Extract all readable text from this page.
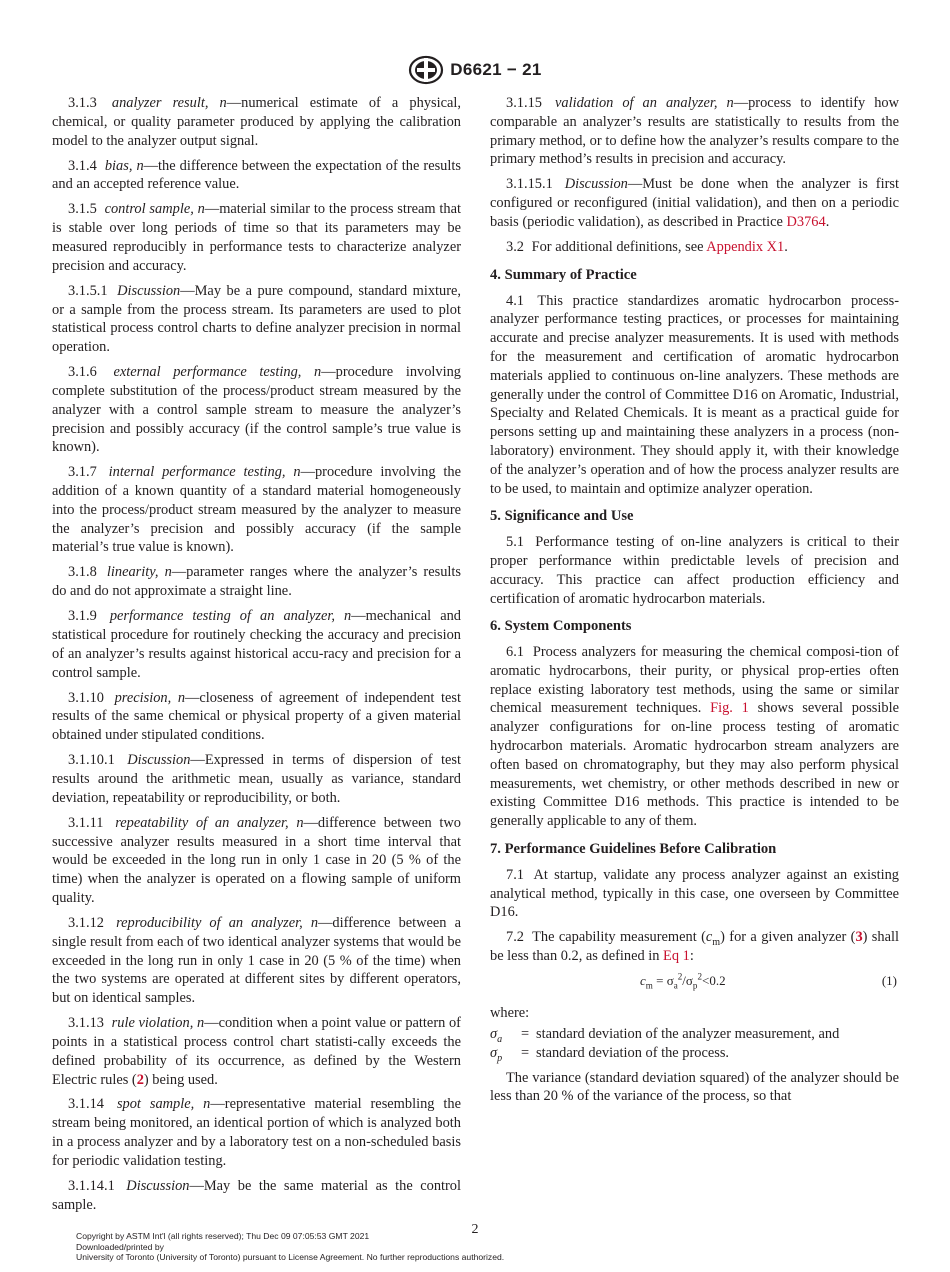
D6621 − 21

3.1.3 analyzer result, n—numerical estimate of a physical, chemical, or quality parameter produced by applying the calibration model to the analyzer output signal.

3.1.4 bias, n—the difference between the expectation of the results and an accepted reference value.

3.1.5 control sample, n—material similar to the process stream that is stable over long periods of time so that its parameters may be measured reproducibly in performance tests to characterize analyzer precision and accuracy.

3.1.5.1 Discussion—May be a pure compound, standard mixture, or a sample from the process stream. Its parameters are used to plot statistical process control charts to define analyzer precision in normal operation.

3.1.6 external performance testing, n—procedure involving complete substitution of the process/product stream measured by the analyzer with a control sample stream to measure the analyzer’s precision and possibly accuracy (if the control sample’s true value is known).

3.1.7 internal performance testing, n—procedure involving the addition of a known quantity of a standard material homogeneously into the process/product stream measured by the analyzer to measure the analyzer’s precision and possibly accuracy (if the sample material’s true value is known).

3.1.8 linearity, n—parameter ranges where the analyzer’s results do and do not approximate a straight line.

3.1.9 performance testing of an analyzer, n—mechanical and statistical procedure for routinely checking the accuracy and precision of an analyzer’s results against historical accu-racy and precision for a control sample.

3.1.10 precision, n—closeness of agreement of independent test results of the same chemical or physical property of a given material obtained under stipulated conditions.

3.1.10.1 Discussion—Expressed in terms of dispersion of test results around the arithmetic mean, usually as variance, standard deviation, repeatability or reproducibility, or both.

3.1.11 repeatability of an analyzer, n—difference between two successive analyzer results measured in a short time interval that would be exceeded in the long run in only 1 case in 20 (5 % of the time) when the analyzer is operated on a flowing sample of uniform quality.

3.1.12 reproducibility of an analyzer, n—difference between a single result from each of two identical analyzer systems that would be exceeded in the long run in only 1 case in 20 (5 % of the time) when the two systems are operated at different sites by different operators, but on identical samples.

3.1.13 rule violation, n—condition when a point value or pattern of points in a statistical process control chart statisti-cally exceeds the defined probability of its occurrence, as defined by the Western Electric rules (2) being used.

3.1.14 spot sample, n—representative material resembling the stream being monitored, an identical portion of which is analyzed both in a process analyzer and by a laboratory test on a non-scheduled basis for periodic validation testing.

3.1.14.1 Discussion—May be the same material as the control sample.

3.1.15 validation of an analyzer, n—process to identify how comparable an analyzer’s results are statistically to results from the primary method, or to define how the analyzer’s results compare to the primary method’s results in precision and accuracy.

3.1.15.1 Discussion—Must be done when the analyzer is first configured or reconfigured (initial validation), and then on a periodic basis (periodic validation), as described in Practice D3764.

3.2 For additional definitions, see Appendix X1.

4. Summary of Practice

4.1 This practice standardizes aromatic hydrocarbon process-analyzer performance testing practices, or processes for maintaining accurate and precise analyzer measurements. It is used with methods for the measurement and certification of aromatic hydrocarbon materials applied to continuous on-line analyzers. These methods are generally under the control of Committee D16 on Aromatic, Industrial, Specialty and Related Chemicals. It is meant as a practical guide for persons setting up and maintaining these analyzers in a process (non-laboratory) environment. They should apply it, with their knowledge of the analyzer’s operation and of how the process analyzer results are to be used, to maintain and optimize analyzer operation.

5. Significance and Use

5.1 Performance testing of on-line analyzers is critical to their proper performance within predictable levels of precision and accuracy. This practice can affect production efficiency and certification of aromatic hydrocarbon materials.

6. System Components

6.1 Process analyzers for measuring the chemical composi-tion of aromatic hydrocarbons, their purity, or physical prop-erties often replace existing laboratory test methods, using the same or similar chemical measurement techniques. Fig. 1 shows several possible analyzer configurations for on-line process testing of aromatic hydrocarbon materials. Aromatic hydrocarbon stream analyzers are often based on chromatography, but they may also perform physical measurements, wet chemistry, or other methods described in new or existing Committee D16 methods. This practice is intended to be generally applicable to any of them.

7. Performance Guidelines Before Calibration

7.1 At startup, validate any process analyzer against an existing analytical method, typically in this case, one overseen by Committee D16.

7.2 The capability measurement $(c_m)$ for a given analyzer (3) shall be less than 0.2, as defined in Eq 1:

$c_m = \sigma_a^2/\sigma_p^2<0.2$	(1)
where:
$\sigma_a$	= standard deviation of the analyzer measurement, and
$\sigma_p$	= standard deviation of the process.

The variance (standard deviation squared) of the analyzer should be less than 20 % of the variance of the process, so that

2
Copyright by ASTM Int'l (all rights reserved); Thu Dec 09 07:05:53 GMT 2021
Downloaded/printed by
University of Toronto (University of Toronto) pursuant to License Agreement. No further reproductions authorized.
